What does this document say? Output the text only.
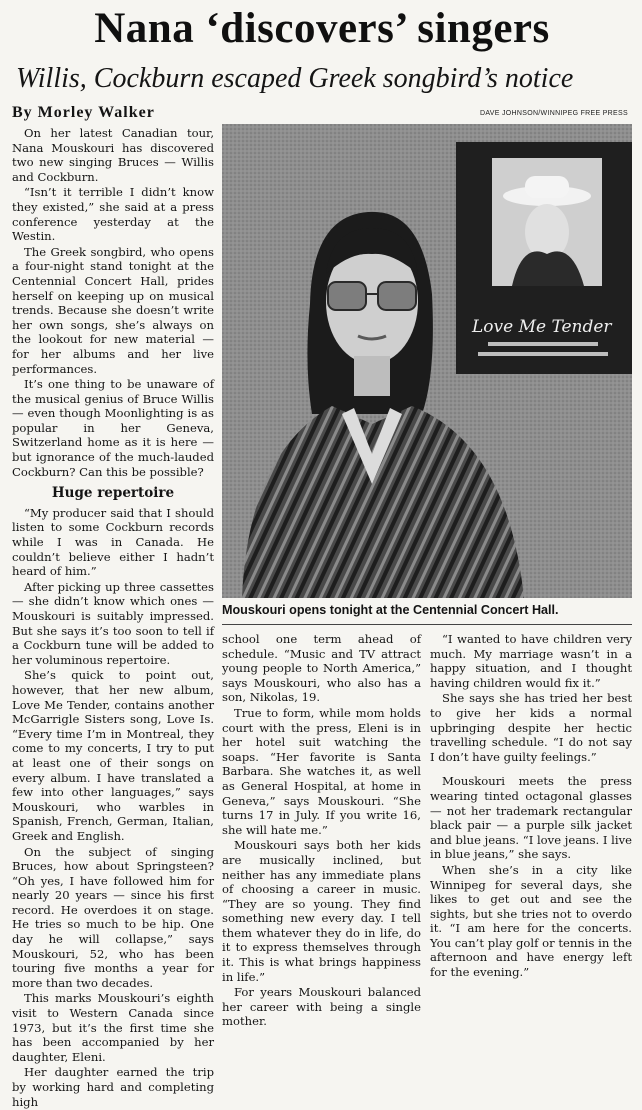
Nana ‘discovers’ singers
Willis, Cockburn escaped Greek songbird’s notice
By Morley Walker	DAVE JOHNSON/WINNIPEG FREE PRESS

On her latest Canadian tour, Nana Mouskouri has discovered two new singing Bruces — Willis and Cockburn.

“Isn’t it terrible I didn’t know they existed,” she said at a press conference yesterday at the Westin.

The Greek songbird, who opens a four-night stand tonight at the Centennial Concert Hall, prides herself on keeping up on musical trends. Because she doesn’t write her own songs, she’s always on the lookout for new material — for her albums and her live performances.

It’s one thing to be unaware of the musical genius of Bruce Willis — even though Moonlighting is as popular in her Geneva, Switzerland home as it is here — but ignorance of the much-lauded Cockburn? Can this be possible?

Huge repertoire

“My producer said that I should listen to some Cockburn records while I was in Canada. He couldn’t believe either I hadn’t heard of him.”

After picking up three cassettes — she didn’t know which ones — Mouskouri is suitably impressed. But she says it’s too soon to tell if a Cockburn tune will be added to her voluminous repertoire.

She’s quick to point out, however, that her new album, Love Me Tender, contains another McGarrigle Sisters song, Love Is. “Every time I’m in Montreal, they come to my concerts, I try to put at least one of their songs on every album. I have translated a few into other languages,” says Mouskouri, who warbles in Spanish, French, German, Italian, Greek and English.

On the subject of singing Bruces, how about Springsteen? “Oh yes, I have followed him for nearly 20 years — since his first record. He overdoes it on stage. He tries so much to be hip. One day he will collapse,” says Mouskouri, 52, who has been touring five months a year for more than two decades.

This marks Mouskouri’s eighth visit to Western Canada since 1973, but it’s the first time she has been accompanied by her daughter, Eleni.

Her daughter earned the trip by working hard and completing high

Love Me Tender
Mouskouri opens tonight at the Centennial Concert Hall.

school one term ahead of schedule. “Music and TV attract young people to North America,” says Mouskouri, who also has a son, Nikolas, 19.

True to form, while mom holds court with the press, Eleni is in her hotel suit watching the soaps. “Her favorite is Santa Barbara. She watches it, as well as General Hospital, at home in Geneva,” says Mouskouri. “She turns 17 in July. If you write 16, she will hate me.”

Mouskouri says both her kids are musically inclined, but neither has any immediate plans of choosing a career in music. “They are so young. They find something new every day. I tell them whatever they do in life, do it to express themselves through it. This is what brings happiness in life.”

For years Mouskouri balanced her career with being a single mother.

“I wanted to have children very much. My marriage wasn’t in a happy situation, and I thought having children would fix it.”

She says she has tried her best to give her kids a normal upbringing despite her hectic travelling schedule. “I do not say I don’t have guilty feelings.”

Mouskouri meets the press wearing tinted octagonal glasses — not her trademark rectangular black pair — a purple silk jacket and blue jeans. “I love jeans. I live in blue jeans,” she says.

When she’s in a city like Winnipeg for several days, she likes to get out and see the sights, but she tries not to overdo it. “I am here for the concerts. You can’t play golf or tennis in the afternoon and have energy left for the evening.”
